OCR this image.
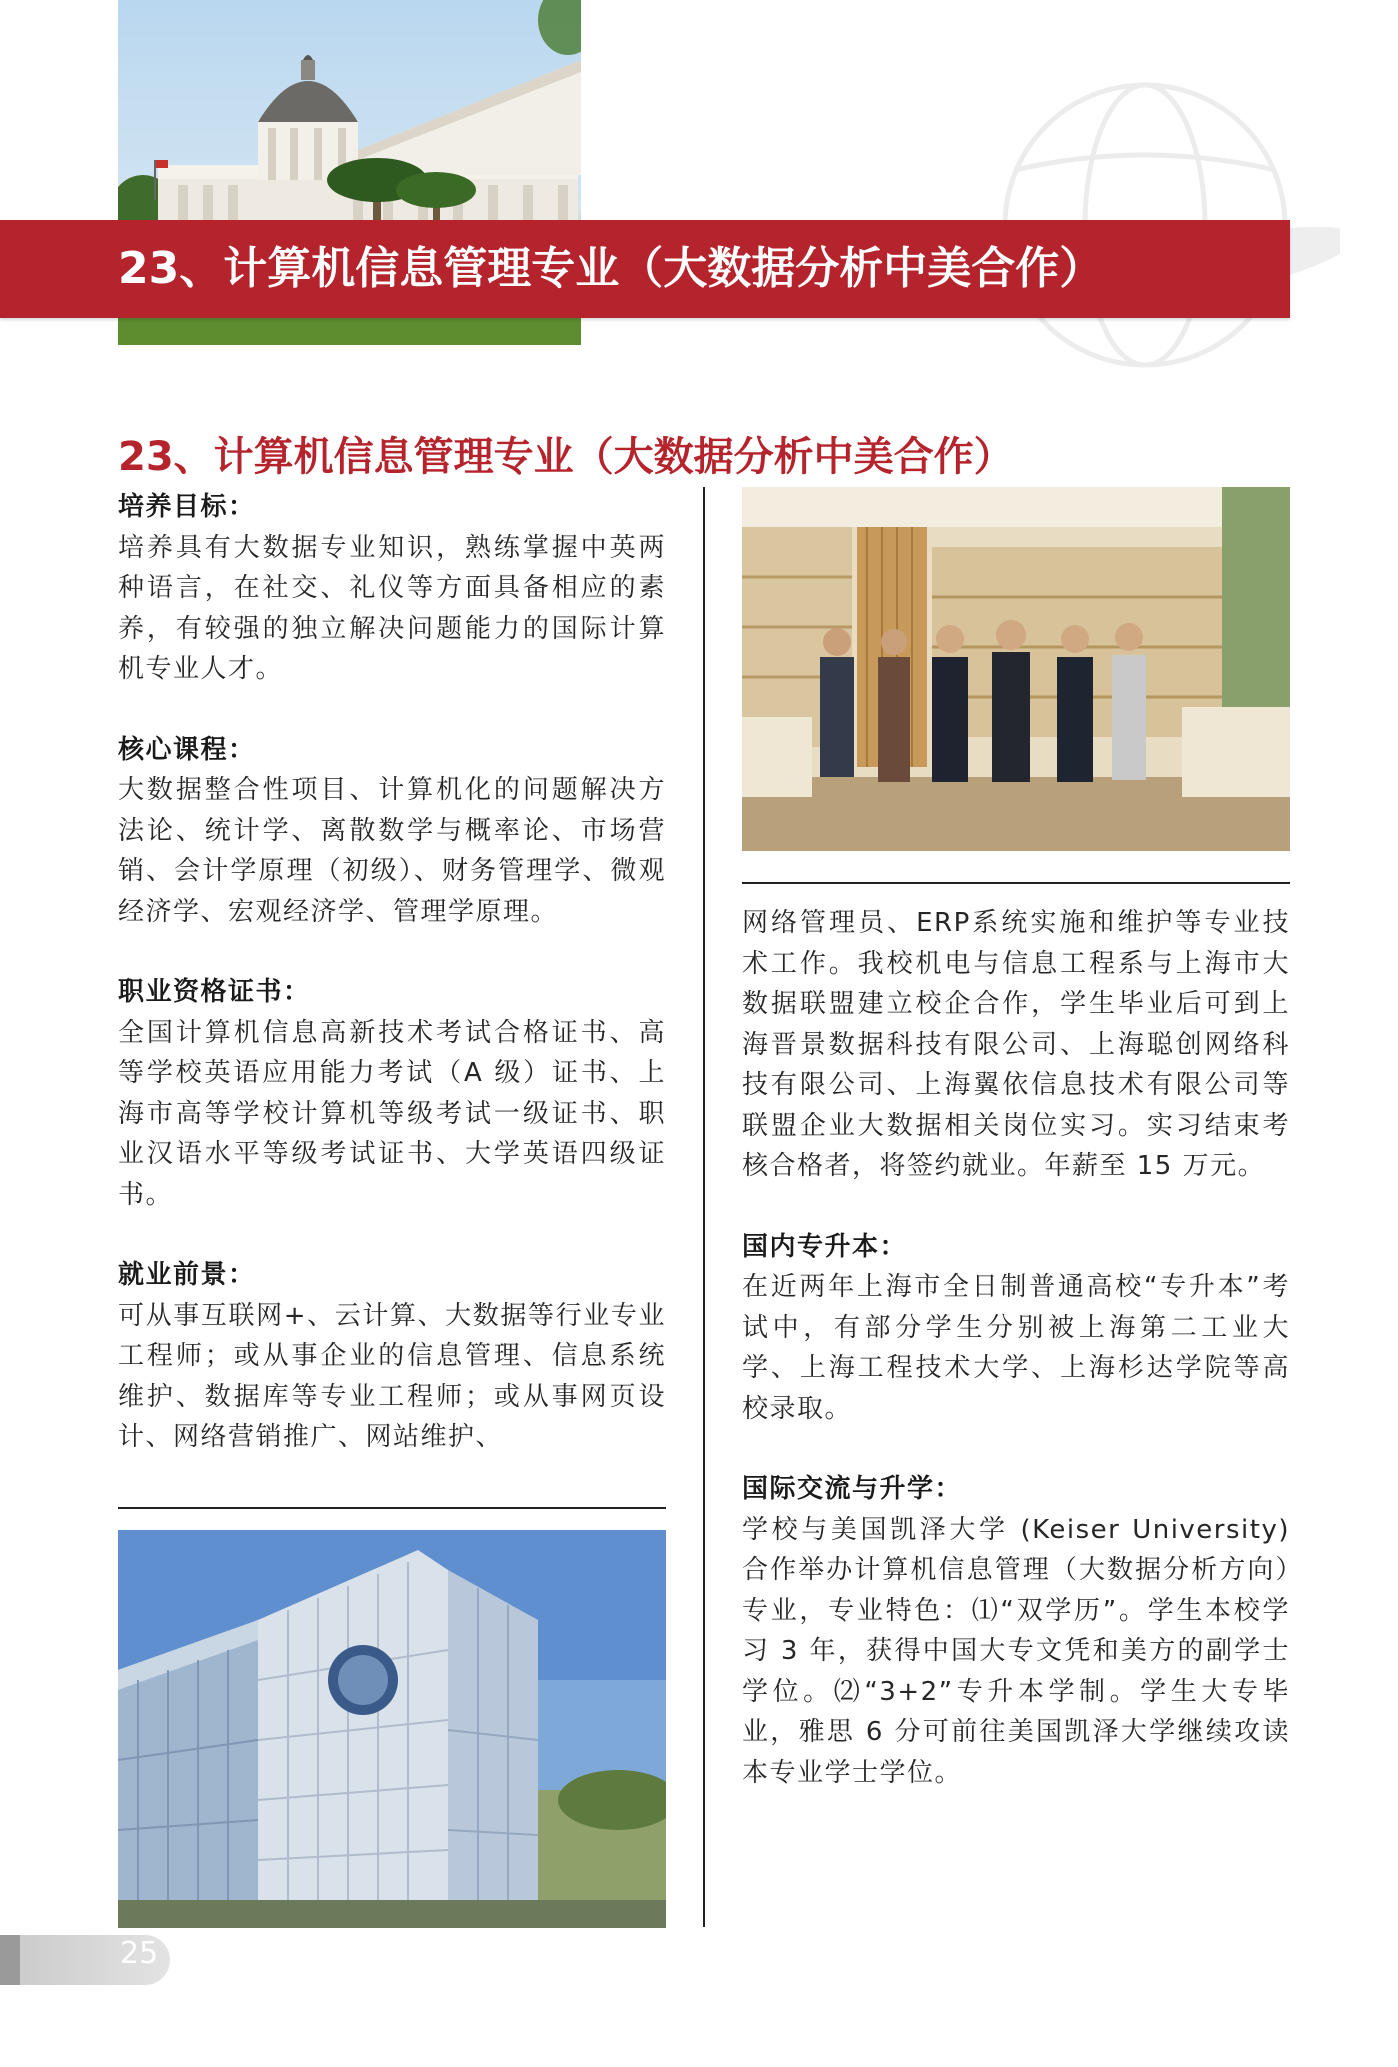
23、计算机信息管理专业（大数据分析中美合作）
23、计算机信息管理专业（大数据分析中美合作）

培养目标：

培养具有大数据专业知识，熟练掌握中英两种语言，在社交、礼仪等方面具备相应的素养，有较强的独立解决问题能力的国际计算机专业人才。

核心课程：

大数据整合性项目、计算机化的问题解决方法论、统计学、离散数学与概率论、市场营销、会计学原理（初级）、财务管理学、微观经济学、宏观经济学、管理学原理。

职业资格证书：

全国计算机信息高新技术考试合格证书、高等学校英语应用能力考试（A 级）证书、上海市高等学校计算机等级考试一级证书、职业汉语水平等级考试证书、大学英语四级证书。

就业前景：

可从事互联网+、云计算、大数据等行业专业工程师；或从事企业的信息管理、信息系统维护、数据库等专业工程师；或从事网页设计、网络营销推广、网站维护、

网络管理员、ERP系统实施和维护等专业技术工作。我校机电与信息工程系与上海市大数据联盟建立校企合作，学生毕业后可到上海晋景数据科技有限公司、上海聪创网络科技有限公司、上海翼依信息技术有限公司等联盟企业大数据相关岗位实习。实习结束考核合格者，将签约就业。年薪至 15 万元。

国内专升本：

在近两年上海市全日制普通高校“专升本”考试中，有部分学生分别被上海第二工业大学、上海工程技术大学、上海杉达学院等高校录取。

国际交流与升学：

学校与美国凯泽大学 (Keiser University) 合作举办计算机信息管理（大数据分析方向）专业，专业特色：⑴“双学历”。学生本校学习 3 年，获得中国大专文凭和美方的副学士学位。⑵“3+2”专升本学制。学生大专毕业，雅思 6 分可前往美国凯泽大学继续攻读本专业学士学位。

25
